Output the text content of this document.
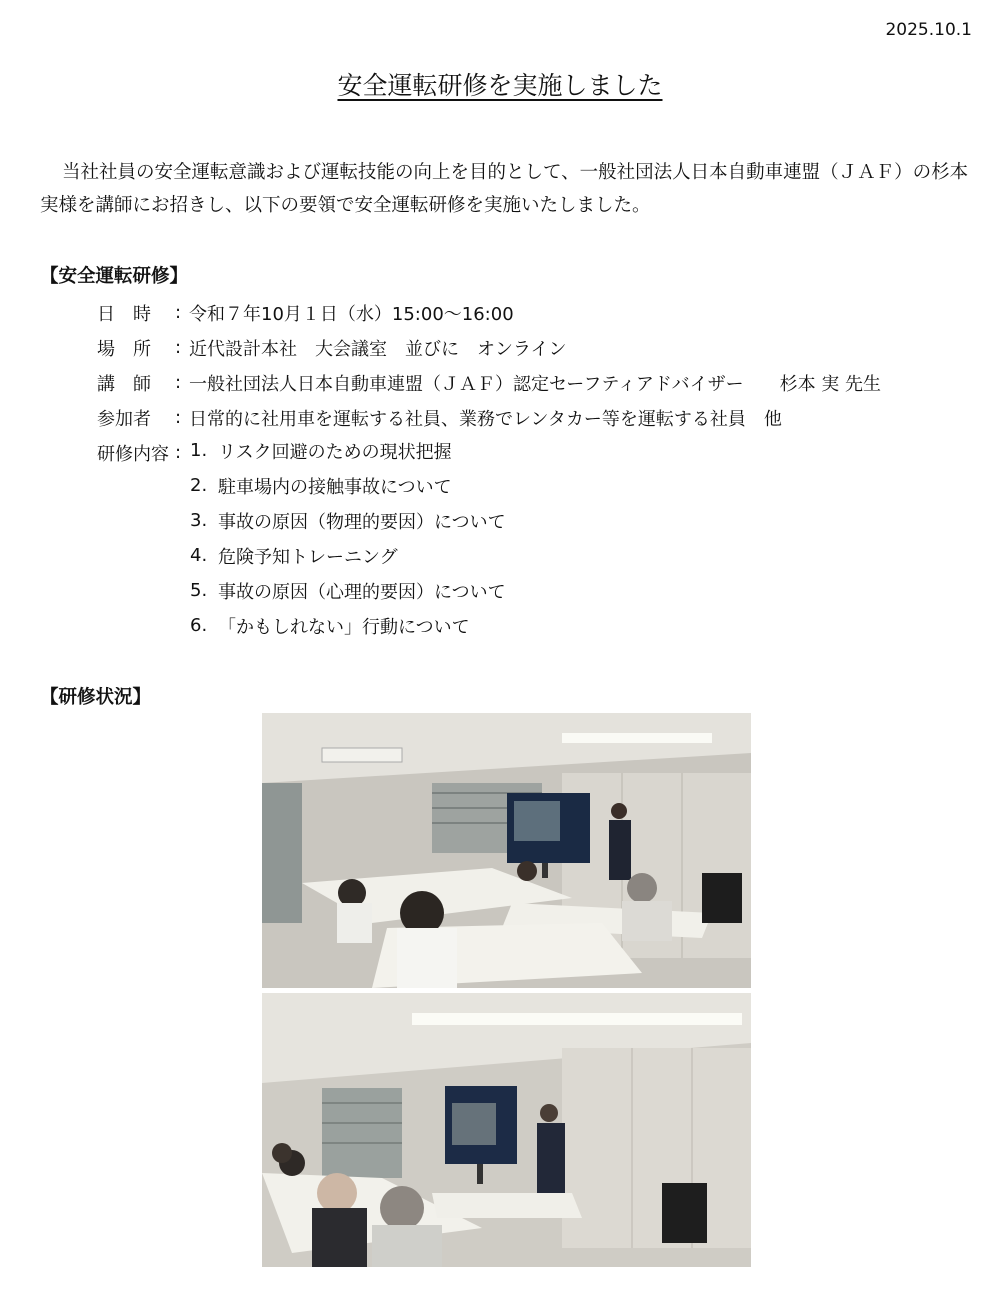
2025.10.1
安全運転研修を実施しました
当社社員の安全運転意識および運転技能の向上を目的として、一般社団法人日本自動車連盟（ＪＡＦ）の杉本
実様を講師にお招きし、以下の要領で安全運転研修を実施いたしました。
【安全運転研修】
日　時	: 令和７年10月１日（水）15:00～16:00
場　所	: 近代設計本社　大会議室　並びに　オンライン
講　師	: 一般社団法人日本自動車連盟（ＪＡＦ）認定セーフティアドバイザー　　杉本 実 先生
参加者	: 日常的に社用車を運転する社員、業務でレンタカー等を運転する社員　他
研修内容 : 1. リスク回避のための現状把握
2. 駐車場内の接触事故について
3. 事故の原因（物理的要因）について
4. 危険予知トレーニング
5. 事故の原因（心理的要因）について
6. 「かもしれない」行動について
【研修状況】
